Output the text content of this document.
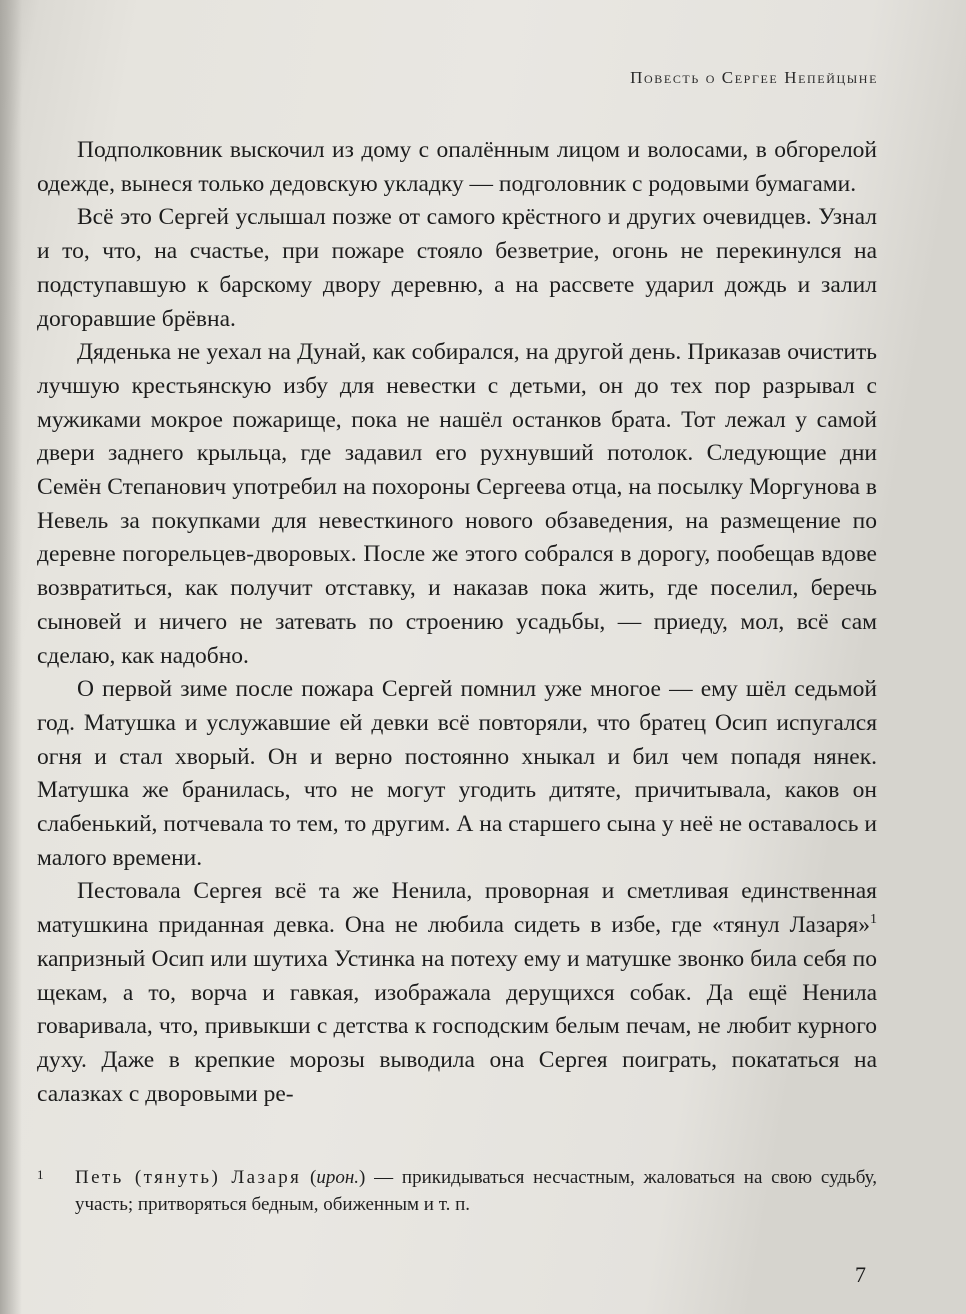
Повесть о Сергее Непейцыне

Подполковник выскочил из дому с опалённым лицом и волосами, в обгорелой одежде, вынеся только дедовскую укладку — подголовник с родовыми бумагами.

Всё это Сергей услышал позже от самого крёстного и других очевидцев. Узнал и то, что, на счастье, при пожаре стояло безветрие, огонь не перекинулся на подступавшую к барскому двору деревню, а на рассвете ударил дождь и залил догоравшие брёвна.

Дяденька не уехал на Дунай, как собирался, на другой день. Приказав очистить лучшую крестьянскую избу для невестки с детьми, он до тех пор разрывал с мужиками мокрое пожарище, пока не нашёл останков брата. Тот лежал у самой двери заднего крыльца, где задавил его рухнувший потолок. Следующие дни Семён Степанович употребил на похороны Сергеева отца, на посылку Моргунова в Невель за покупками для невесткиного нового обзаведения, на размещение по деревне погорельцев-дворовых. После же этого собрался в дорогу, пообещав вдове возвратиться, как получит отставку, и наказав пока жить, где поселил, беречь сыновей и ничего не затевать по строению усадьбы, — приеду, мол, всё сам сделаю, как надобно.

О первой зиме после пожара Сергей помнил уже многое — ему шёл седьмой год. Матушка и услужавшие ей девки всё повторяли, что братец Осип испугался огня и стал хворый. Он и верно постоянно хныкал и бил чем попадя нянек. Матушка же бранилась, что не могут угодить дитяте, причитывала, каков он слабенький, потчевала то тем, то другим. А на старшего сына у неё не оставалось и малого времени.

Пестовала Сергея всё та же Ненила, проворная и сметливая единственная матушкина приданная девка. Она не любила сидеть в избе, где «тянул Лазаря»$^1$ капризный Осип или шутиха Устинка на потеху ему и матушке звонко била себя по щекам, а то, ворча и гавкая, изображала дерущихся собак. Да ещё Ненила говаривала, что, привыкши с детства к господским белым печам, не любит курного духу. Даже в крепкие морозы выводила она Сергея поиграть, покататься на салазках с дворовыми ре-

1 Петь (тянуть) Лазаря (ирон.) — прикидываться несчастным, жаловаться на свою судьбу, участь; притворяться бедным, обиженным и т. п.
7
